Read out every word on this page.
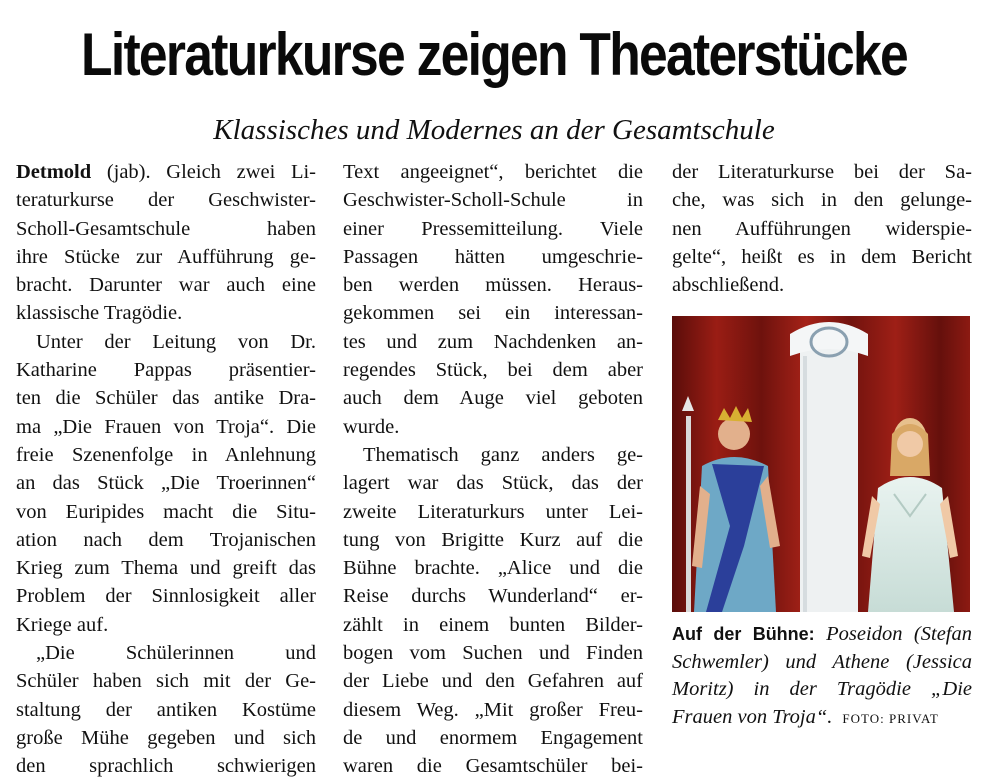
Literaturkurse zeigen Theaterstücke
Klassisches und Modernes an der Gesamtschule
Detmold (jab). Gleich zwei Li-
teraturkurse der Geschwister-
Scholl-Gesamtschule haben
ihre Stücke zur Aufführung ge-
bracht. Darunter war auch eine
klassische Tragödie.
Unter der Leitung von Dr.
Katharine Pappas präsentier-
ten die Schüler das antike Dra-
ma „Die Frauen von Troja“. Die
freie Szenenfolge in Anlehnung
an das Stück „Die Troerinnen“
von Euripides macht die Situ-
ation nach dem Trojanischen
Krieg zum Thema und greift das
Problem der Sinnlosigkeit aller
Kriege auf.
„Die Schülerinnen und
Schüler haben sich mit der Ge-
staltung der antiken Kostüme
große Mühe gegeben und sich
den sprachlich schwierigen
Text angeeignet“, berichtet die
Geschwister-Scholl-Schule in
einer Pressemitteilung. Viele
Passagen hätten umgeschrie-
ben werden müssen. Heraus-
gekommen sei ein interessan-
tes und zum Nachdenken an-
regendes Stück, bei dem aber
auch dem Auge viel geboten
wurde.
Thematisch ganz anders ge-
lagert war das Stück, das der
zweite Literaturkurs unter Lei-
tung von Brigitte Kurz auf die
Bühne brachte. „Alice und die
Reise durchs Wunderland“ er-
zählt in einem bunten Bilder-
bogen vom Suchen und Finden
der Liebe und den Gefahren auf
diesem Weg. „Mit großer Freu-
de und enormem Engagement
waren die Gesamtschüler bei-
der Literaturkurse bei der Sa-
che, was sich in den gelunge-
nen Aufführungen widerspie-
gelte“, heißt es in dem Bericht
abschließend.
Auf der Bühne: Poseidon (Stefan
Schwemler) und Athene (Jessica
Moritz) in der Tragödie „Die
Frauen von Troja“. FOTO: PRIVAT
